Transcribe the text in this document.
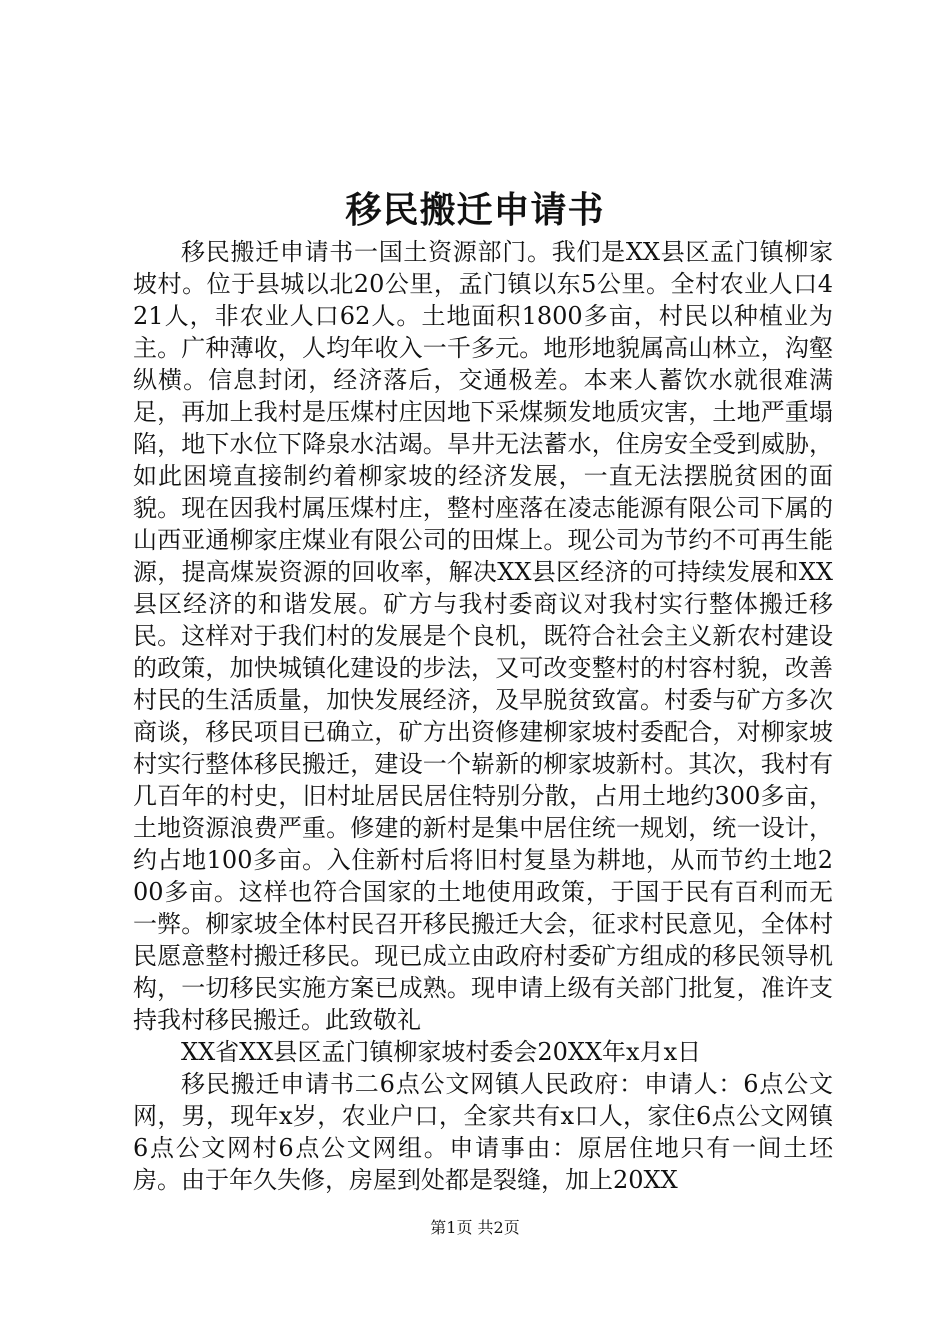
移民搬迁申请书

移民搬迁申请书一国土资源部门。我们是XX县区孟门镇柳家坡村。位于县城以北20公里，孟门镇以东5公里。全村农业人口421人，非农业人口62人。土地面积1800多亩，村民以种植业为主。广种薄收，人均年收入一千多元。地形地貌属高山林立，沟壑纵横。信息封闭，经济落后，交通极差。本来人蓄饮水就很难满足，再加上我村是压煤村庄因地下采煤频发地质灾害，土地严重塌陷，地下水位下降泉水沽竭。旱井无法蓄水，住房安全受到威胁，如此困境直接制约着柳家坡的经济发展，一直无法摆脱贫困的面貌。现在因我村属压煤村庄，整村座落在凌志能源有限公司下属的山西亚通柳家庄煤业有限公司的田煤上。现公司为节约不可再生能源，提高煤炭资源的回收率，解决XX县区经济的可持续发展和XX县区经济的和谐发展。矿方与我村委商议对我村实行整体搬迁移民。这样对于我们村的发展是个良机，既符合社会主义新农村建设的政策，加快城镇化建设的步法，又可改变整村的村容村貌，改善村民的生活质量，加快发展经济，及早脱贫致富。村委与矿方多次商谈，移民项目已确立，矿方出资修建柳家坡村委配合，对柳家坡村实行整体移民搬迁，建设一个崭新的柳家坡新村。其次，我村有几百年的村史，旧村址居民居住特别分散，占用土地约300多亩，土地资源浪费严重。修建的新村是集中居住统一规划，统一设计，约占地100多亩。入住新村后将旧村复垦为耕地，从而节约土地200多亩。这样也符合国家的土地使用政策，于国于民有百利而无一弊。柳家坡全体村民召开移民搬迁大会，征求村民意见，全体村民愿意整村搬迁移民。现已成立由政府村委矿方组成的移民领导机构，一切移民实施方案已成熟。现申请上级有关部门批复，准许支持我村移民搬迁。此致敬礼

XX省XX县区孟门镇柳家坡村委会20XX年x月x日

移民搬迁申请书二6点公文网镇人民政府：申请人：6点公文网，男，现年x岁，农业户口，全家共有x口人，家住6点公文网镇6点公文网村6点公文网组。申请事由：原居住地只有一间土坯房。由于年久失修，房屋到处都是裂缝，加上20XX

第1页 共2页
